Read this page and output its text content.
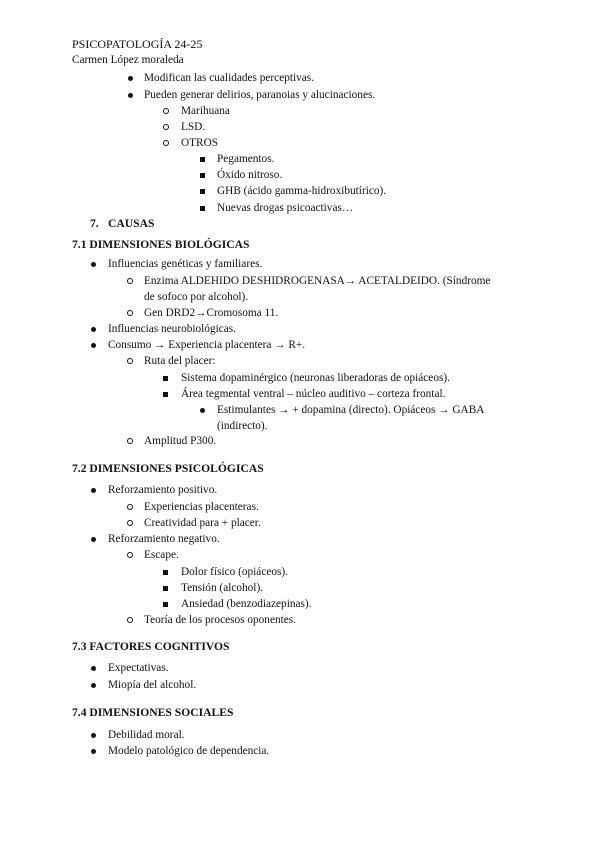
PSICOPATOLOGÍA 24-25
Carmen López moraleda
Modifican las cualidades perceptivas.
Pueden generar delirios, paranoias y alucinaciones.
Marihuana
LSD.
OTROS
Pegamentos.
Óxido nitroso.
GHB (ácido gamma-hidroxibutírico).
Nuevas drogas psicoactivas…
7. CAUSAS
7.1 DIMENSIONES BIOLÓGICAS
Influencias genéticas y familiares.
Enzima ALDEHIDO DESHIDROGENASA→ ACETALDEIDO. (Síndrome
de sofoco por alcohol).
Gen DRD2→Cromosoma 11.
Influencias neurobiológicas.
Consumo → Experiencia placentera → R+.
Ruta del placer:
Sistema dopaminérgico (neuronas liberadoras de opiáceos).
Área tegmental ventral – núcleo auditivo – corteza frontal.
Estimulantes → + dopamina (directo). Opiáceos → GABA
(indirecto).
Amplitud P300.
7.2 DIMENSIONES PSICOLÓGICAS
Reforzamiento positivo.
Experiencias placenteras.
Creatividad para + placer.
Reforzamiento negativo.
Escape.
Dolor físico (opiáceos).
Tensión (alcohol).
Ansiedad (benzodiazepinas).
Teoría de los procesos oponentes.
7.3 FACTORES COGNITIVOS
Expectativas.
Miopía del alcohol.
7.4 DIMENSIONES SOCIALES
Debilidad moral.
Modelo patológico de dependencia.
